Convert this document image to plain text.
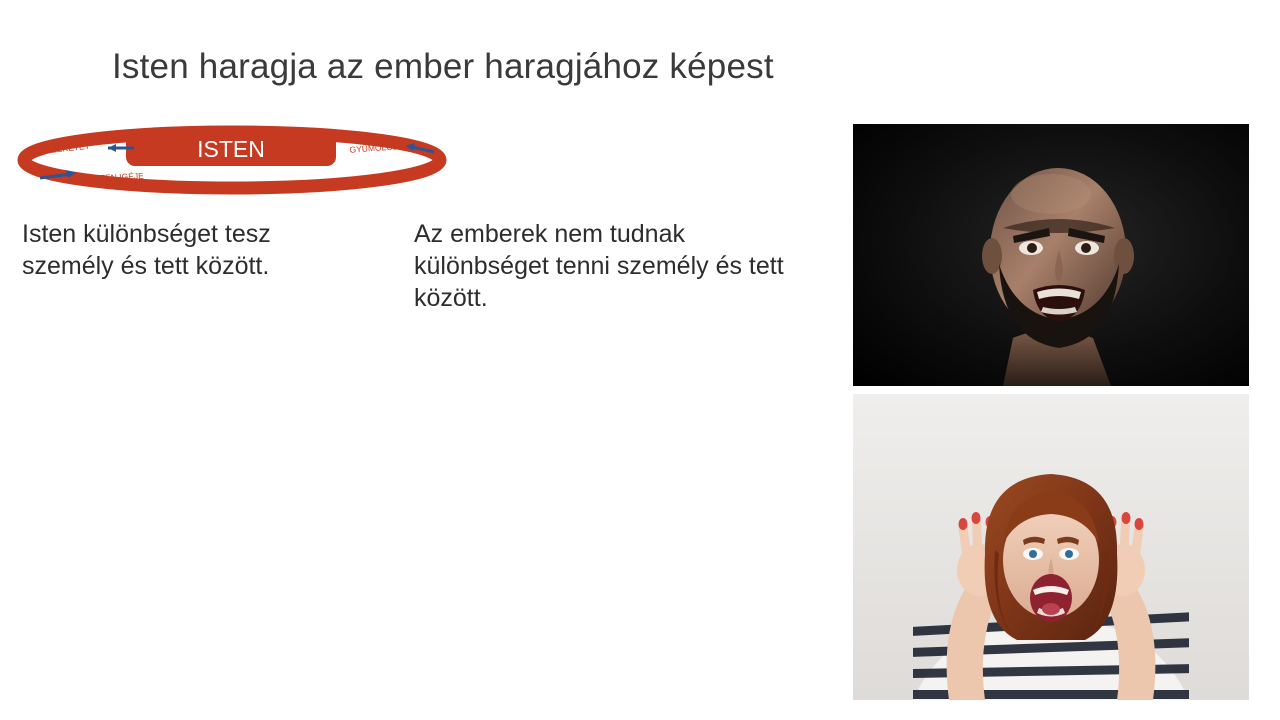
Isten haragja az ember haragjához képest
ISTEN
SZERETET	GYÜMÖLCS
ISTEN IGÉJE
Isten különbséget tesz személy és tett között.
Az emberek nem tudnak különbséget tenni személy és tett között.
